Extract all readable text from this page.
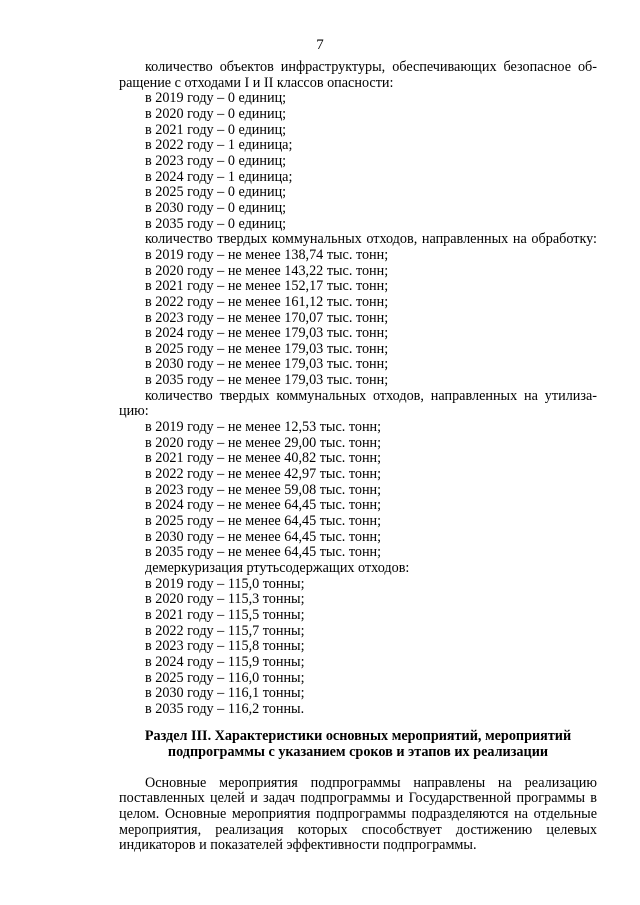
7
количество объектов инфраструктуры, обеспечивающих безопасное об-
ращение с отходами I и II классов опасности:
в 2019 году – 0 единиц;
в 2020 году – 0 единиц;
в 2021 году – 0 единиц;
в 2022 году – 1 единица;
в 2023 году – 0 единиц;
в 2024 году – 1 единица;
в 2025 году – 0 единиц;
в 2030 году – 0 единиц;
в 2035 году – 0 единиц;
количество твердых коммунальных отходов, направленных на обработку:
в 2019 году – не менее 138,74 тыс. тонн;
в 2020 году – не менее 143,22 тыс. тонн;
в 2021 году – не менее 152,17 тыс. тонн;
в 2022 году – не менее 161,12 тыс. тонн;
в 2023 году – не менее 170,07 тыс. тонн;
в 2024 году – не менее 179,03 тыс. тонн;
в 2025 году – не менее 179,03 тыс. тонн;
в 2030 году – не менее 179,03 тыс. тонн;
в 2035 году – не менее 179,03 тыс. тонн;
количество твердых коммунальных отходов, направленных на утилиза-
цию:
в 2019 году – не менее 12,53 тыс. тонн;
в 2020 году – не менее 29,00 тыс. тонн;
в 2021 году – не менее 40,82 тыс. тонн;
в 2022 году – не менее 42,97 тыс. тонн;
в 2023 году – не менее 59,08 тыс. тонн;
в 2024 году – не менее 64,45 тыс. тонн;
в 2025 году – не менее 64,45 тыс. тонн;
в 2030 году – не менее 64,45 тыс. тонн;
в 2035 году – не менее 64,45 тыс. тонн;
демеркуризация ртутьсодержащих отходов:
в 2019 году – 115,0 тонны;
в 2020 году – 115,3 тонны;
в 2021 году – 115,5 тонны;
в 2022 году – 115,7 тонны;
в 2023 году – 115,8 тонны;
в 2024 году – 115,9 тонны;
в 2025 году – 116,0 тонны;
в 2030 году – 116,1 тонны;
в 2035 году – 116,2 тонны.
Раздел III. Характеристики основных мероприятий, мероприятий
подпрограммы с указанием сроков и этапов их реализации
Основные мероприятия подпрограммы направлены на реализацию поставленных целей и задач подпрограммы и Государственной программы в целом. Основные мероприятия подпрограммы подразделяются на отдельные мероприятия, реализация которых способствует достижению целевых индикаторов и показателей эффективности подпрограммы.
